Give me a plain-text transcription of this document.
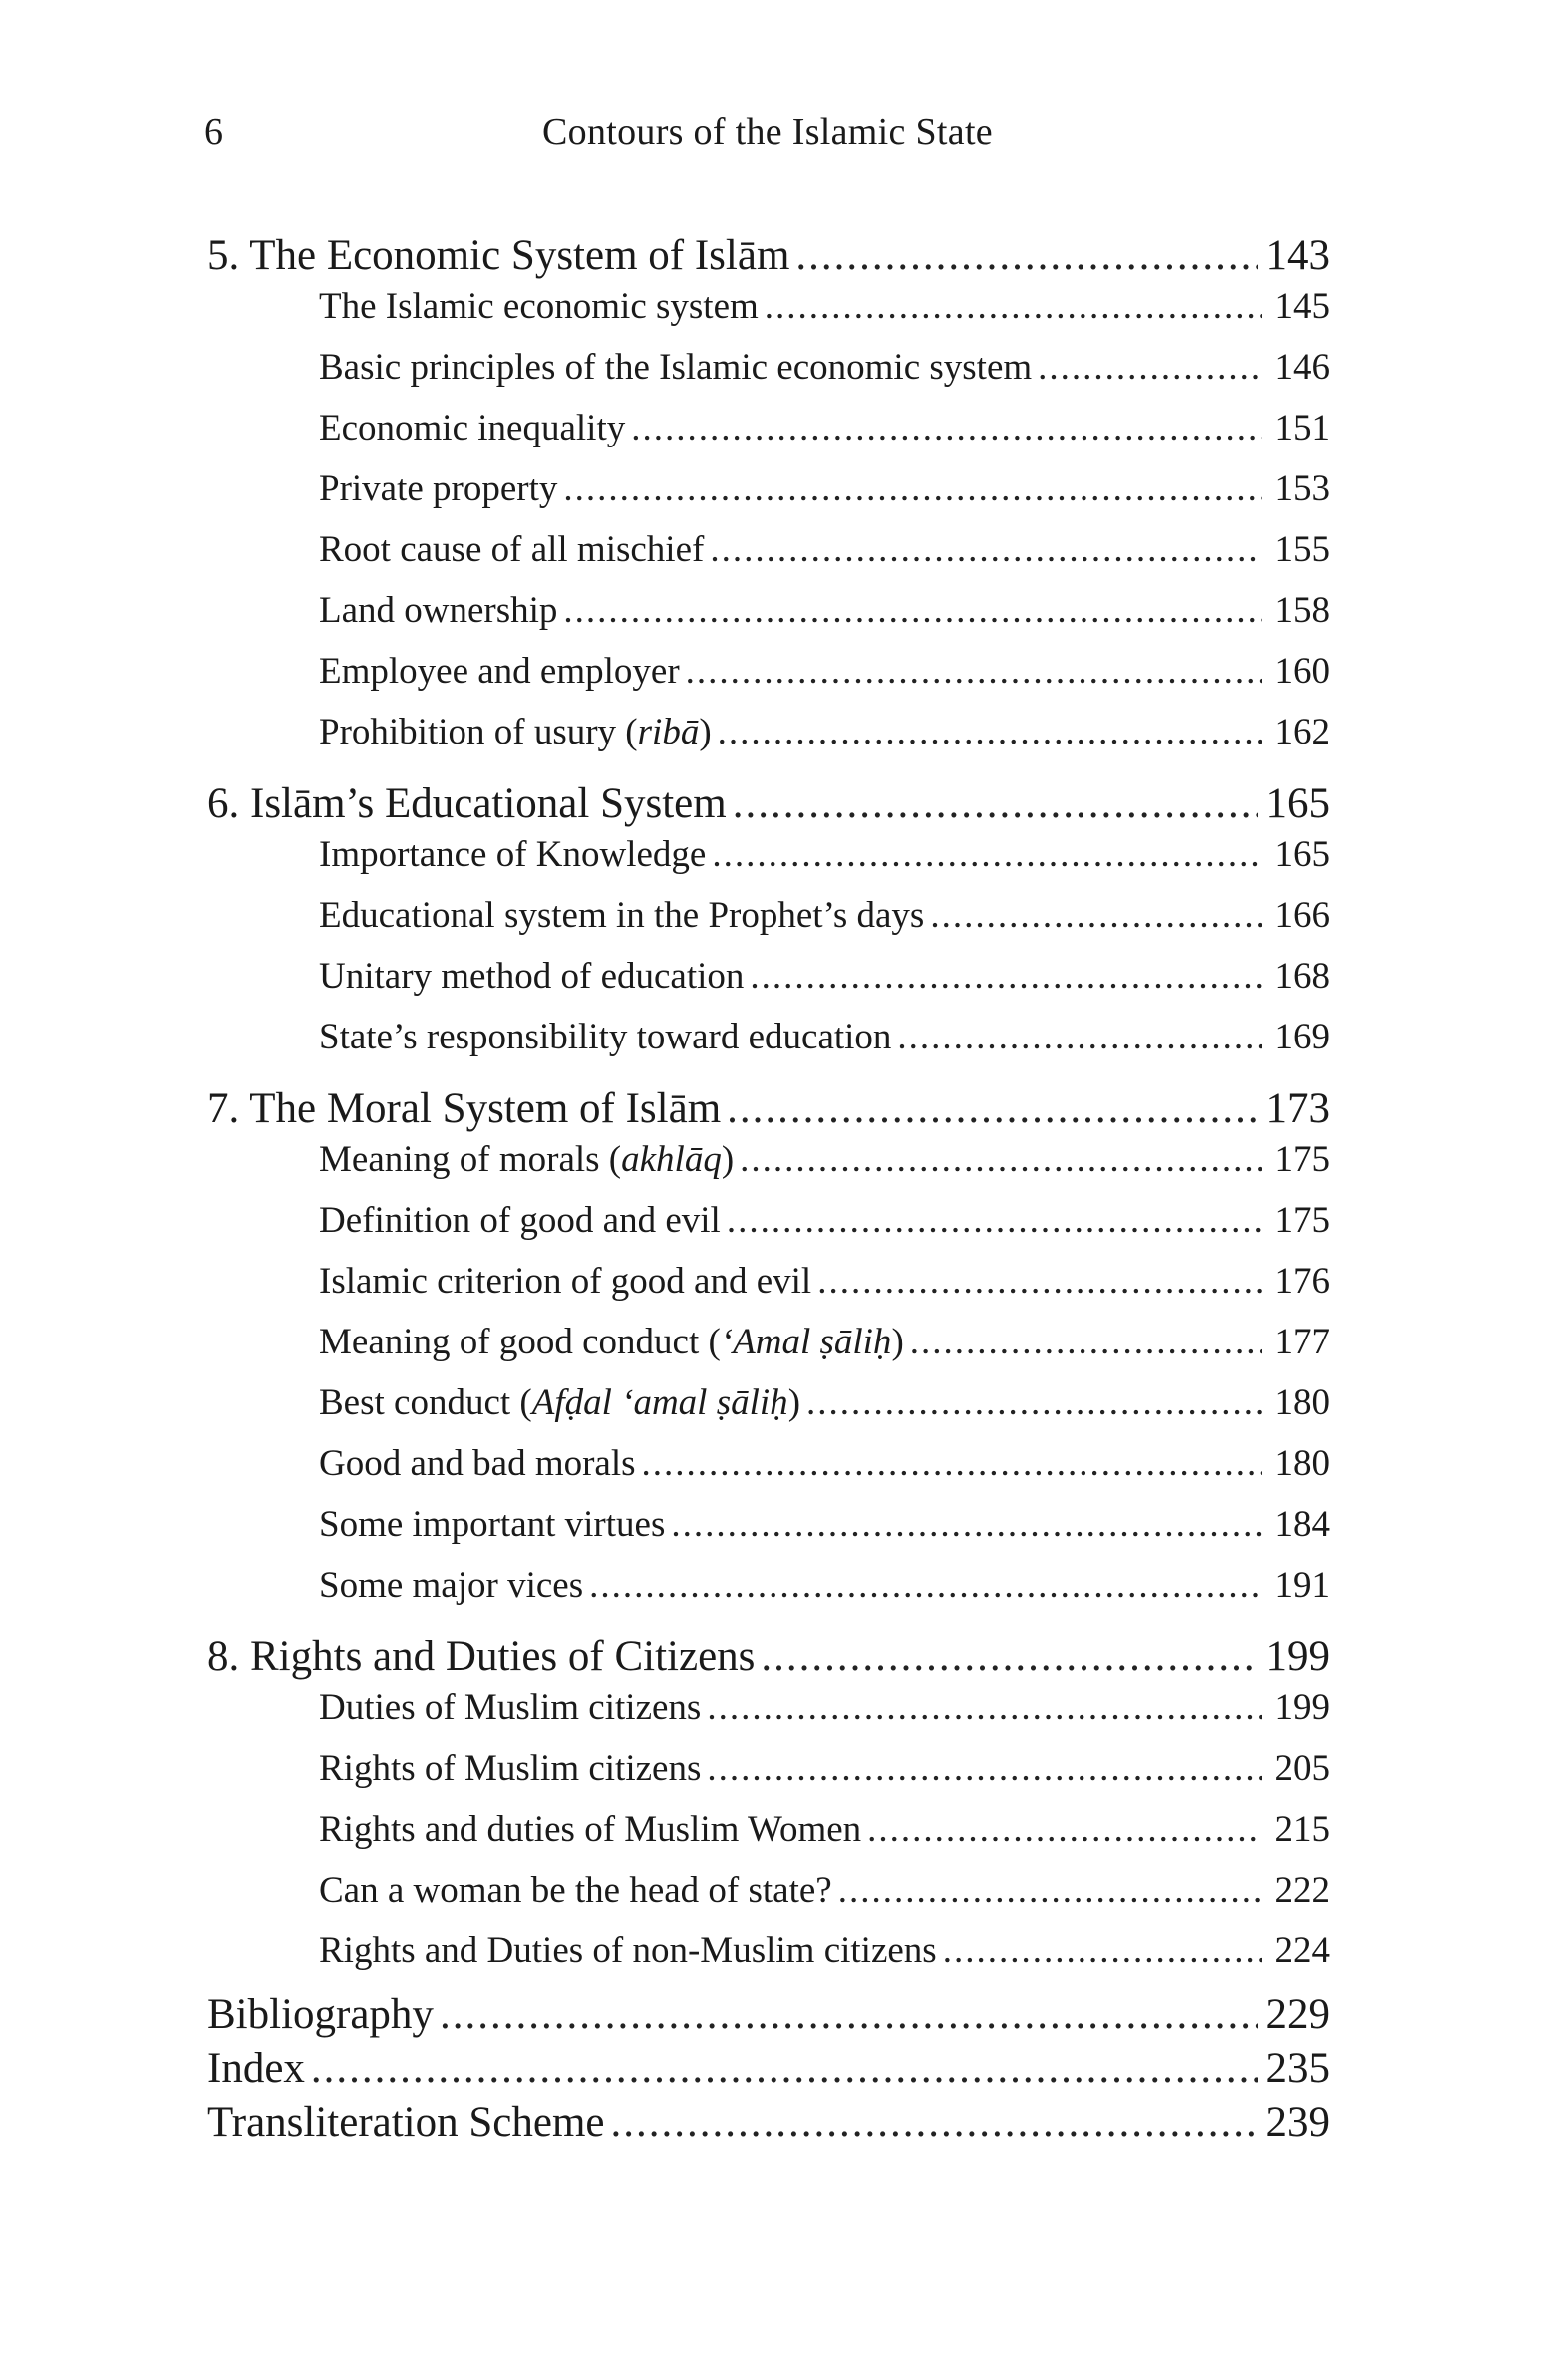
6	Contours of the Islamic State
5. The Economic System of Islām .....	143
The Islamic economic system .....	145
Basic principles of the Islamic economic system .....	146
Economic inequality .....	151
Private property .....	153
Root cause of all mischief .....	155
Land ownership .....	158
Employee and employer .....	160
Prohibition of usury (ribā) .....	162
6. Islām’s Educational System .....	165
Importance of Knowledge .....	165
Educational system in the Prophet’s days .....	166
Unitary method of education .....	168
State’s responsibility toward education .....	169
7. The Moral System of Islām .....	173
Meaning of morals (akhlāq) .....	175
Definition of good and evil .....	175
Islamic criterion of good and evil .....	176
Meaning of good conduct (‘Amal ṣāliḥ) .....	177
Best conduct (Afḍal ‘amal ṣāliḥ) .....	180
Good and bad morals .....	180
Some important virtues .....	184
Some major vices .....	191
8. Rights and Duties of Citizens .....	199
Duties of Muslim citizens .....	199
Rights of Muslim citizens .....	205
Rights and duties of Muslim Women .....	215
Can a woman be the head of state? .....	222
Rights and Duties of non-Muslim citizens .....	224
Bibliography .....	229
Index .....	235
Transliteration Scheme .....	239
